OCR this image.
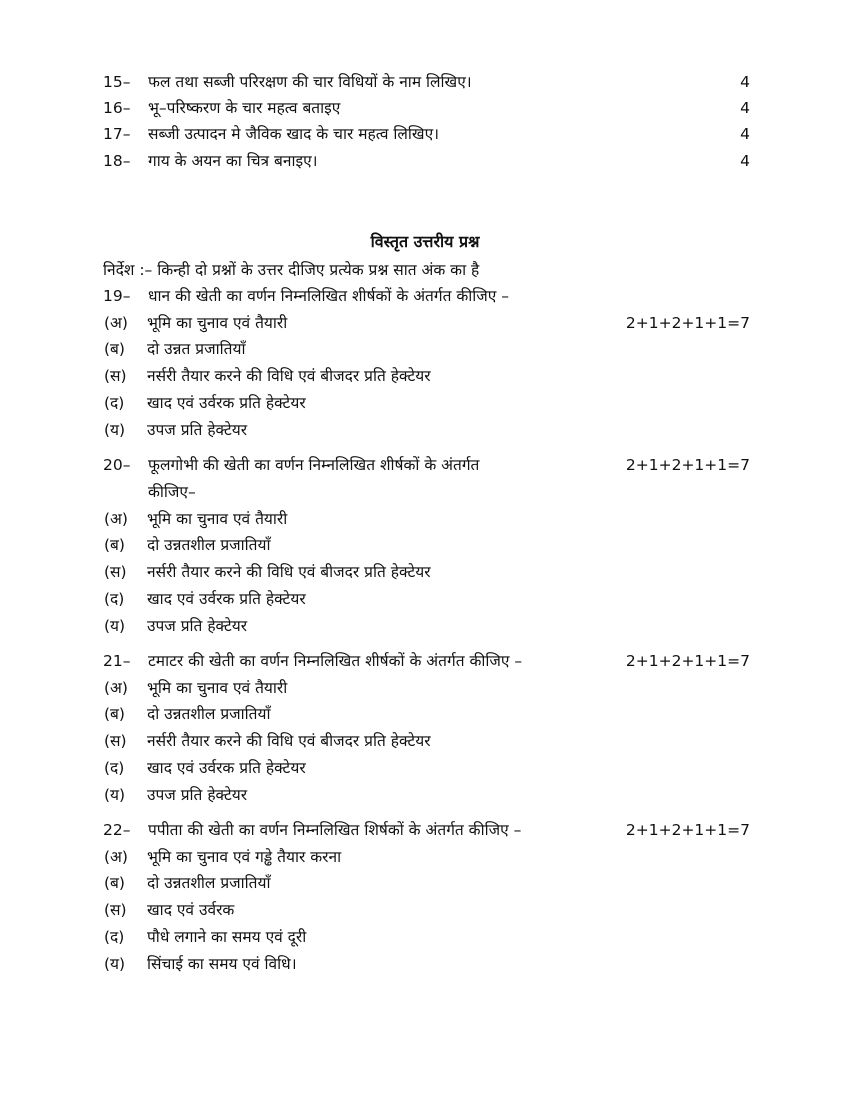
15– फल तथा सब्जी परिरक्षण की चार विधियों के नाम लिखिए।	4
16– भू–परिष्करण के चार महत्व बताइए	4
17– सब्जी उत्पादन मे जैविक खाद के चार महत्व लिखिए।	4
18– गाय के अयन का चित्र बनाइए।	4
विस्तृत उत्तरीय प्रश्न
निर्देश :– किन्ही दो प्रश्नों के उत्तर दीजिए प्रत्येक प्रश्न सात अंक का है
19– धान की खेती का वर्णन निम्नलिखित शीर्षकों के अंतर्गत कीजिए –
(अ) भूमि का चुनाव एवं तैयारी	2+1+2+1+1=7
(ब) दो उन्नत प्रजातियाँ
(स) नर्सरी तैयार करने की विधि एवं बीजदर प्रति हेक्टेयर
(द) खाद एवं उर्वरक प्रति हेक्टेयर
(य) उपज प्रति हेक्टेयर
20– फूलगोभी की खेती का वर्णन निम्नलिखित शीर्षकों के अंतर्गत	2+1+2+1+1=7
कीजिए–
(अ) भूमि का चुनाव एवं तैयारी
(ब) दो उन्नतशील प्रजातियाँ
(स) नर्सरी तैयार करने की विधि एवं बीजदर प्रति हेक्टेयर
(द) खाद एवं उर्वरक प्रति हेक्टेयर
(य) उपज प्रति हेक्टेयर
21– टमाटर की खेती का वर्णन निम्नलिखित शीर्षकों के अंतर्गत कीजिए –	2+1+2+1+1=7
(अ) भूमि का चुनाव एवं तैयारी
(ब) दो उन्नतशील प्रजातियाँ
(स) नर्सरी तैयार करने की विधि एवं बीजदर प्रति हेक्टेयर
(द) खाद एवं उर्वरक प्रति हेक्टेयर
(य) उपज प्रति हेक्टेयर
22– पपीता की खेती का वर्णन निम्नलिखित शिर्षकों के अंतर्गत कीजिए –	2+1+2+1+1=7
(अ) भूमि का चुनाव एवं गड्ढे तैयार करना
(ब) दो उन्नतशील प्रजातियाँ
(स) खाद एवं उर्वरक
(द) पौधे लगाने का समय एवं दूरी
(य) सिंचाई का समय एवं विधि।
